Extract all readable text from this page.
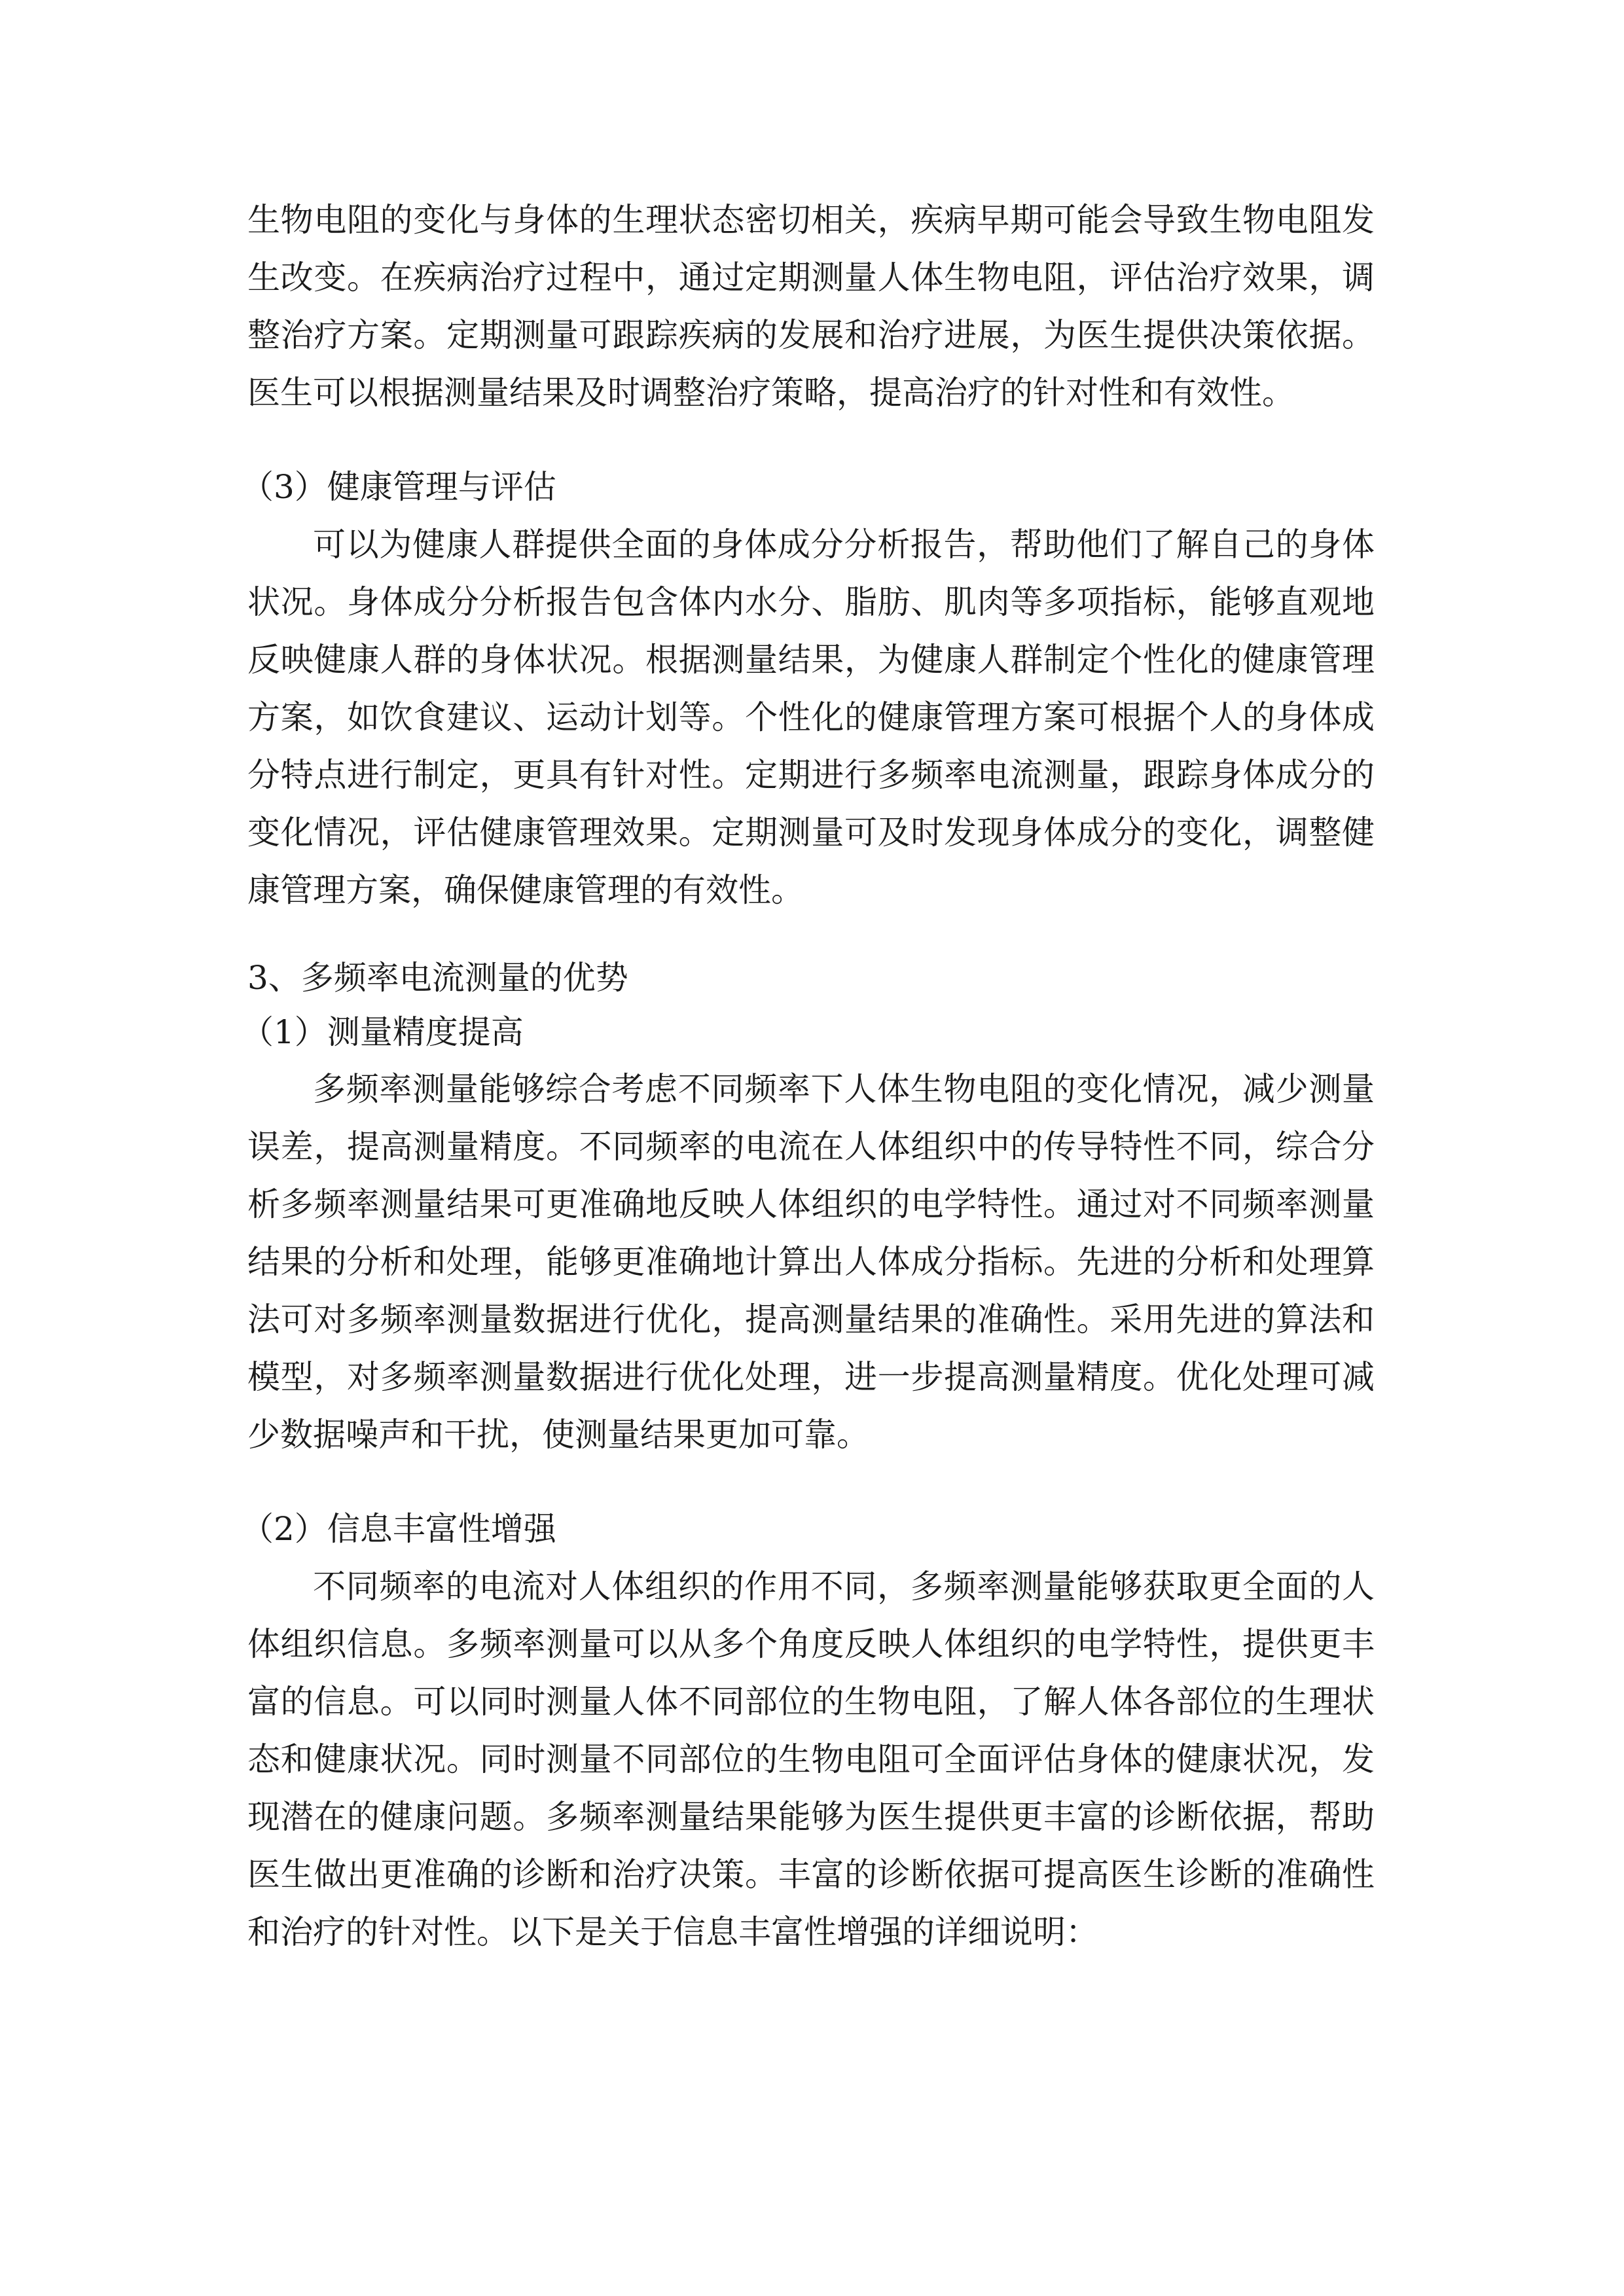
生物电阻的变化与身体的生理状态密切相关，疾病早期可能会导致生物电阻发
生改变。在疾病治疗过程中，通过定期测量人体生物电阻，评估治疗效果，调
整治疗方案。定期测量可跟踪疾病的发展和治疗进展，为医生提供决策依据。
医生可以根据测量结果及时调整治疗策略，提高治疗的针对性和有效性。
（3）健康管理与评估
可以为健康人群提供全面的身体成分分析报告，帮助他们了解自己的身体
状况。身体成分分析报告包含体内水分、脂肪、肌肉等多项指标，能够直观地
反映健康人群的身体状况。根据测量结果，为健康人群制定个性化的健康管理
方案，如饮食建议、运动计划等。个性化的健康管理方案可根据个人的身体成
分特点进行制定，更具有针对性。定期进行多频率电流测量，跟踪身体成分的
变化情况，评估健康管理效果。定期测量可及时发现身体成分的变化，调整健
康管理方案，确保健康管理的有效性。
3、多频率电流测量的优势
（1）测量精度提高
多频率测量能够综合考虑不同频率下人体生物电阻的变化情况，减少测量
误差，提高测量精度。不同频率的电流在人体组织中的传导特性不同，综合分
析多频率测量结果可更准确地反映人体组织的电学特性。通过对不同频率测量
结果的分析和处理，能够更准确地计算出人体成分指标。先进的分析和处理算
法可对多频率测量数据进行优化，提高测量结果的准确性。采用先进的算法和
模型，对多频率测量数据进行优化处理，进一步提高测量精度。优化处理可减
少数据噪声和干扰，使测量结果更加可靠。
（2）信息丰富性增强
不同频率的电流对人体组织的作用不同，多频率测量能够获取更全面的人
体组织信息。多频率测量可以从多个角度反映人体组织的电学特性，提供更丰
富的信息。可以同时测量人体不同部位的生物电阻，了解人体各部位的生理状
态和健康状况。同时测量不同部位的生物电阻可全面评估身体的健康状况，发
现潜在的健康问题。多频率测量结果能够为医生提供更丰富的诊断依据，帮助
医生做出更准确的诊断和治疗决策。丰富的诊断依据可提高医生诊断的准确性
和治疗的针对性。以下是关于信息丰富性增强的详细说明：
